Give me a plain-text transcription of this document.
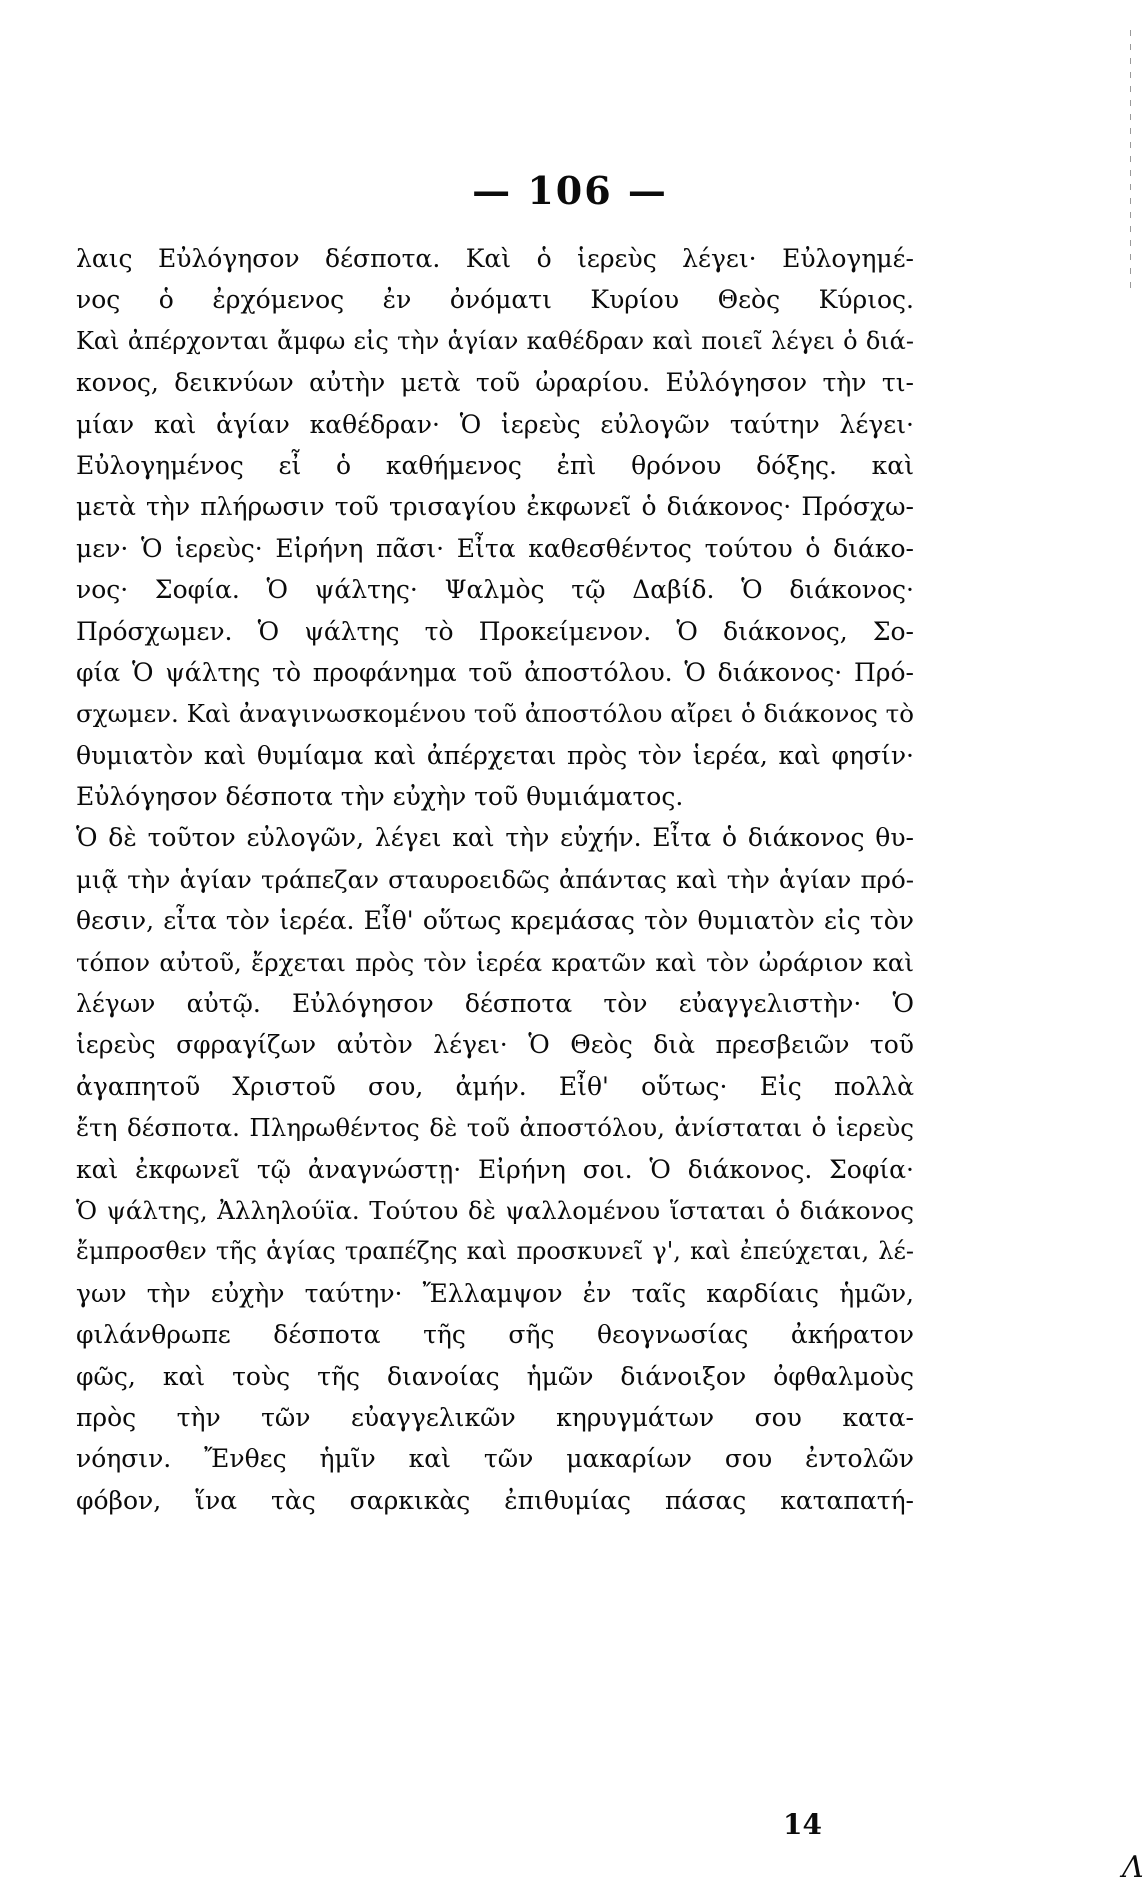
— 106 —
λαις Εὐλόγησον δέσποτα. Καὶ ὁ ἱερεὺς λέγει· Εὐλογημέ-
νος ὁ ἐρχόμενος ἐν ὀνόματι Κυρίου Θεὸς Κύριος.
Καὶ ἀπέρχονται ἄμφω εἰς τὴν ἁγίαν καθέδραν καὶ ποιεῖ λέγει ὁ διά-
κονος, δεικνύων αὐτὴν μετὰ τοῦ ὠραρίου. Εὐλόγησον τὴν τι-
μίαν καὶ ἁγίαν καθέδραν· Ὁ ἱερεὺς εὐλογῶν ταύτην λέγει·
Εὐλογημένος εἶ ὁ καθήμενος ἐπὶ θρόνου δόξης. καὶ
μετὰ τὴν πλήρωσιν τοῦ τρισαγίου ἐκφωνεῖ ὁ διάκονος· Πρόσχω-
μεν· Ὁ ἱερεὺς· Εἰρήνη πᾶσι· Εἶτα καθεσθέντος τούτου ὁ διάκο-
νος· Σοφία. Ὁ ψάλτης· Ψαλμὸς τῷ Δαβίδ. Ὁ διάκονος·
Πρόσχωμεν. Ὁ ψάλτης τὸ Προκείμενον. Ὁ διάκονος, Σο-
φία Ὁ ψάλτης τὸ πρoφάνημα τοῦ ἀποστόλου. Ὁ διάκονος· Πρό-
σχωμεν. Καὶ ἀναγινωσκομένου τοῦ ἀποστόλου αἴρει ὁ διάκονος τὸ
θυμιατὸν καὶ θυμίαμα καὶ ἀπέρχεται πρὸς τὸν ἱερέα, καὶ φησίν·
Εὐλόγησον δέσποτα τὴν εὐχὴν τοῦ θυμιάματος.
Ὁ δὲ τοῦτον εὐλογῶν, λέγει καὶ τὴν εὐχήν. Εἶτα ὁ διάκονος θυ-
μιᾷ τὴν ἁγίαν τράπεζαν σταυροειδῶς ἀπάντας καὶ τὴν ἁγίαν πρό-
θεσιν, εἶτα τὸν ἱερέα. Εἶθ' οὕτως κρεμάσας τὸν θυμιατὸν εἰς τὸν
τόπον αὐτοῦ, ἔρχεται πρὸς τὸν ἱερέα κρατῶν καὶ τὸν ὠράριον καὶ
λέγων αὐτῷ. Εὐλόγησον δέσποτα τὸν εὐαγγελιστὴν· Ὁ
ἱερεὺς σφραγίζων αὐτὸν λέγει· Ὁ Θεὸς διὰ πρεσβειῶν τοῦ
ἀγαπητοῦ Χριστοῦ σου, ἀμήν. Εἶθ' οὕτως· Εἰς πολλὰ
ἔτη δέσποτα. Πληρωθέντος δὲ τοῦ ἀποστόλου, ἀνίσταται ὁ ἱερεὺς
καὶ ἐκφωνεῖ τῷ ἀναγνώστῃ· Εἰρήνη σοι. Ὁ διάκονος. Σοφία·
Ὁ ψάλτης, Ἀλληλούϊα. Τούτου δὲ ψαλλομένου ἵσταται ὁ διάκονος
ἔμπροσθεν τῆς ἁγίας τραπέζης καὶ προσκυνεῖ γ', καὶ ἐπεύχεται, λέ-
γων τὴν εὐχὴν ταύτην· Ἔλλαμψον ἐν ταῖς καρδίαις ἡμῶν,
φιλάνθρωπε δέσποτα τῆς σῆς θεογνωσίας ἀκήρατον
φῶς, καὶ τοὺς τῆς διανοίας ἡμῶν διάνοιξον ὀφθαλμοὺς
πρὸς τὴν τῶν εὐαγγελικῶν κηρυγμάτων σου κατα-
νόησιν. Ἔνθες ἡμῖν καὶ τῶν μακαρίων σου ἐντολῶν
φόβον, ἵνα τὰς σαρκικὰς ἐπιθυμίας πάσας καταπατή-
14
Λ
